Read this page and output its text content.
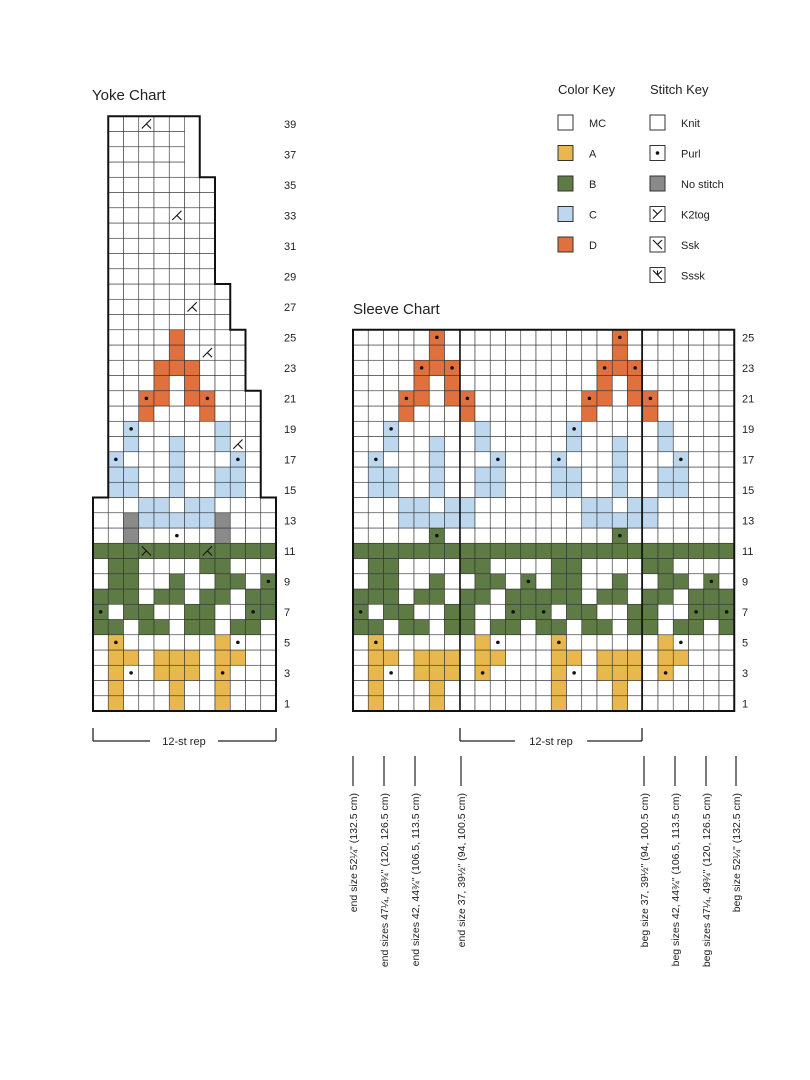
Yoke Chart
39
37
35
33
31
29
27
25
23
21
19
17
15
13
11
9
7
5
3
1
12-st rep
Sleeve Chart
25
23
21
19
17
15
13
11
9
7
5
3
1
12-st rep
Color Key
MC
A
B
C
D
Stitch Key
Knit
Purl
No stitch
K2tog
Ssk
Sssk
end size 52¼" (132.5 cm) end sizes 47¼, 49¾" (120, 126.5 cm) end sizes 42, 44¾" (106.5, 113.5 cm)	end size 37, 39½" (94, 100.5 cm)	beg size 37, 39½" (94, 100.5 cm) beg sizes 42, 44¾" (106.5, 113.5 cm) beg sizes 47¼, 49¾" (120, 126.5 cm) beg size 52¼" (132.5 cm)
